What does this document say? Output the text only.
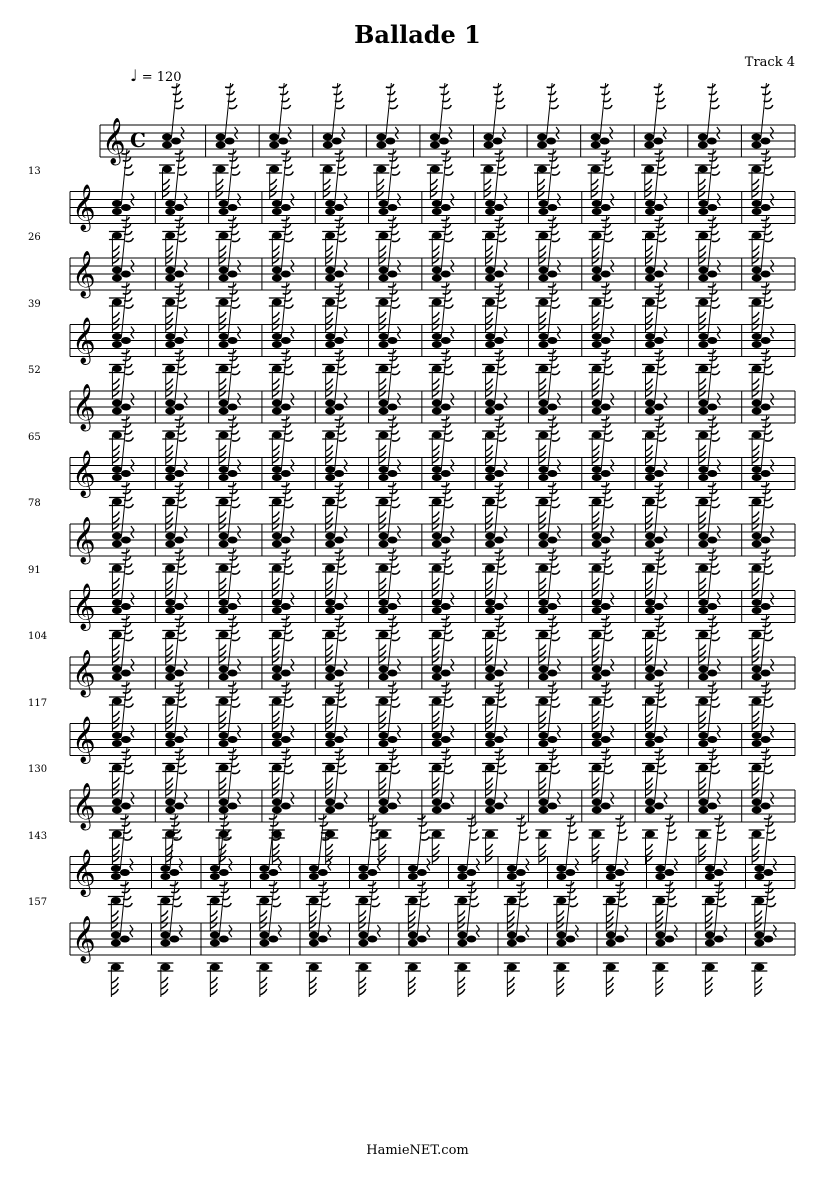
Ballade 1
Track 4
♩ = 120
𝄞 C
𝄞
𝄞
𝄞
𝄞
𝄞
𝄞
𝄞
𝄞
𝄞
𝄞
𝄞
𝄞
13
26
39
52
65
78
91
104
117
130
143
157
HamieNET.com
